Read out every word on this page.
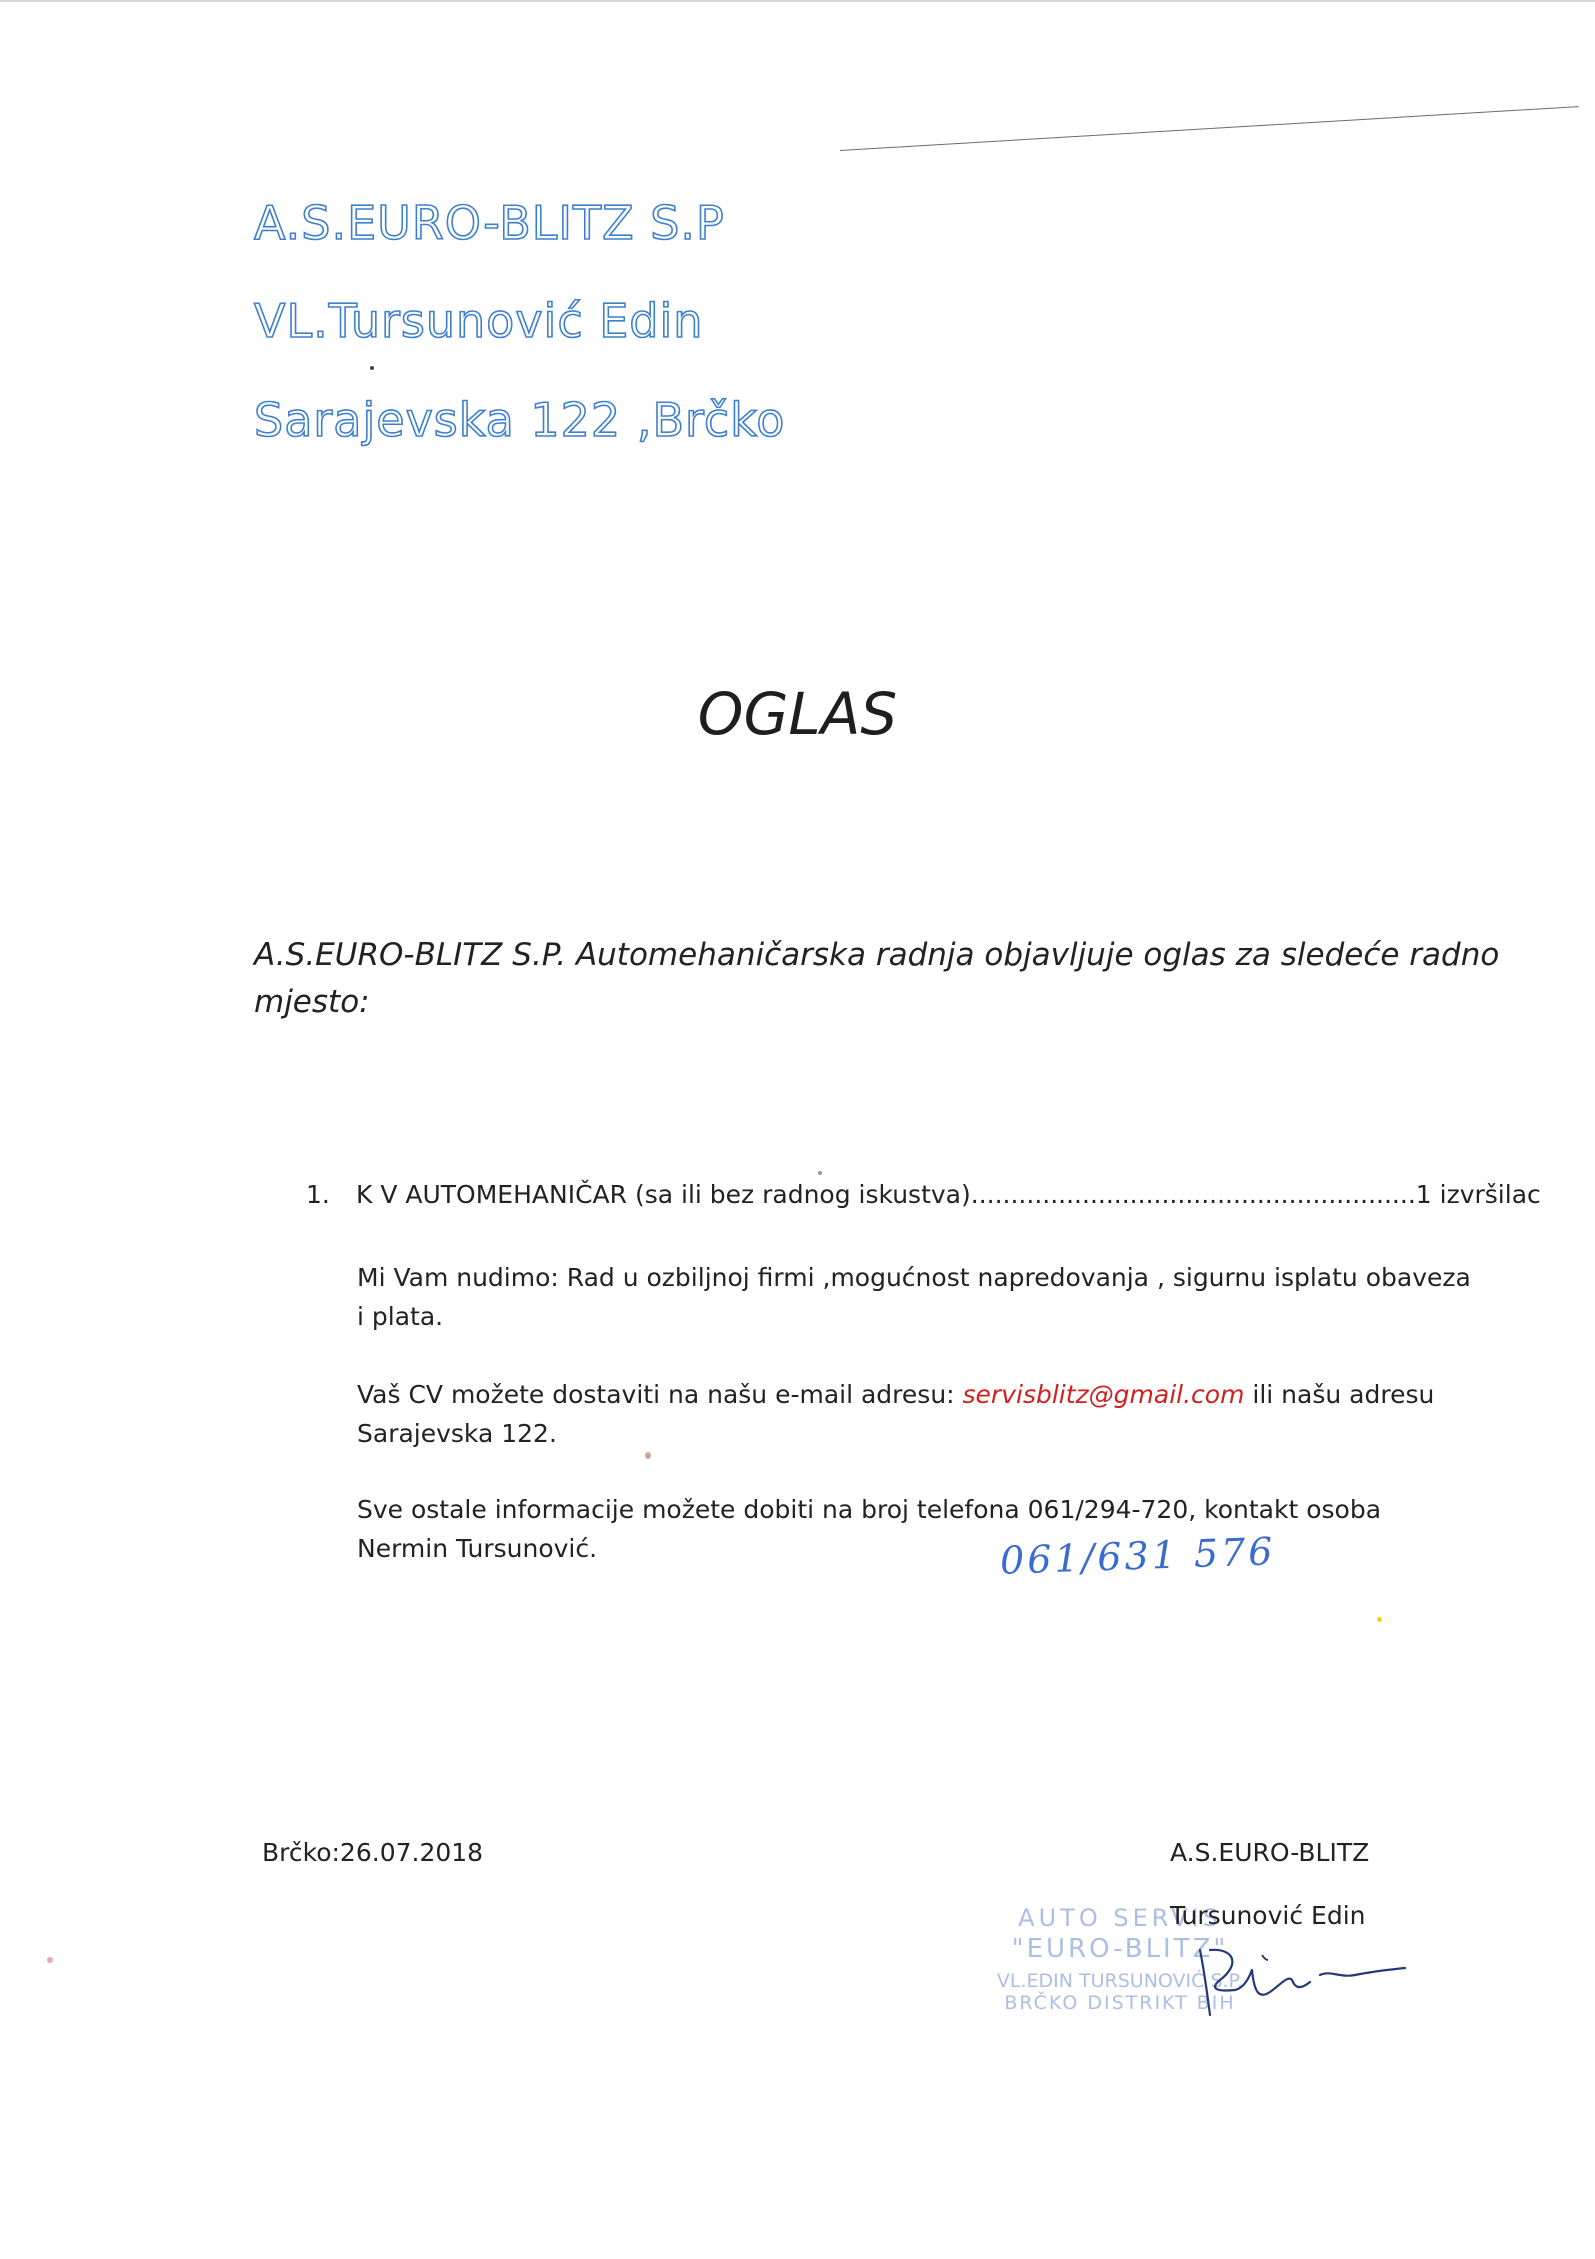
A.S.EURO-BLITZ S.P
VL.Tursunović Edin
Sarajevska 122 ,Brčko
OGLAS
A.S.EURO-BLITZ S.P. Automehaničarska radnja objavljuje oglas za sledeće radno mjesto:
1. K V AUTOMEHANIČAR (sa ili bez radnog iskustva)........................................................1 izvršilac
Mi Vam nudimo: Rad u ozbiljnoj firmi ,mogućnost napredovanja , sigurnu isplatu obaveza i plata.
Vaš CV možete dostaviti na našu e-mail adresu: servisblitz@gmail.com ili našu adresu Sarajevska 122.
Sve ostale informacije možete dobiti na broj telefona 061/294-720, kontakt osoba Nermin Tursunović.	061/631 576
Brčko:26.07.2018	A.S.EURO-BLITZ
AUTO SERVIS
"EURO-BLITZ"
VL.EDIN TURSUNOVIĆ S.P.
BRČKO DISTRIKT BIH
Tursunović Edin
